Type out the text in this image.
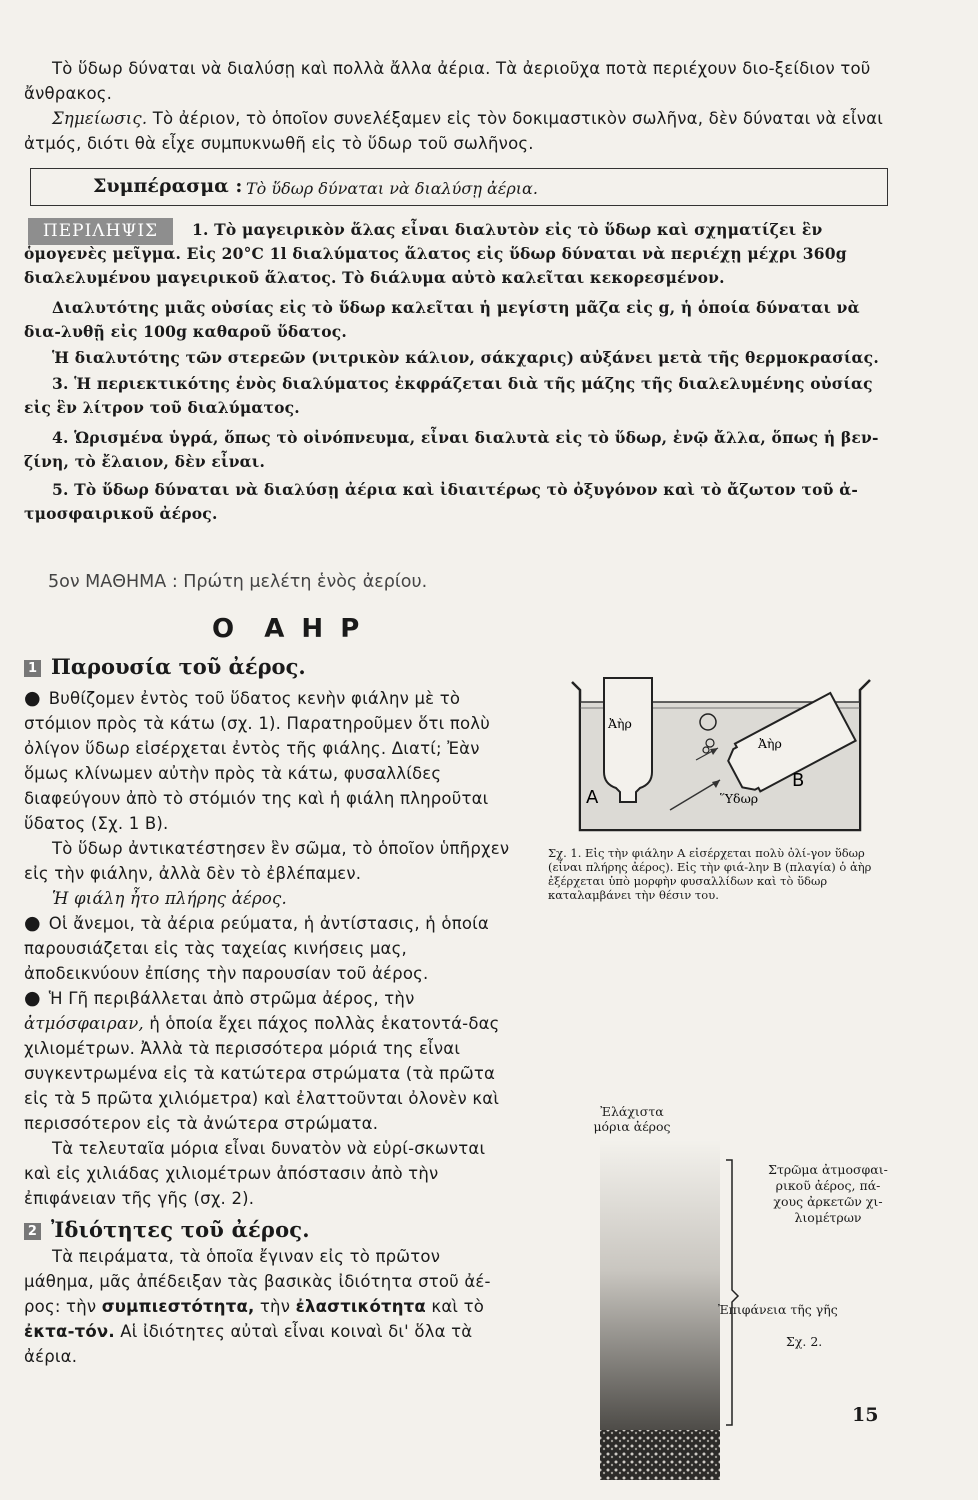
Τὸ ὕδωρ δύναται νὰ διαλύσῃ καὶ πολλὰ ἄλλα ἀέρια. Τὰ ἀεριοῦχα ποτὰ περιέχουν διο-ξείδιον τοῦ ἄνθρακος.
Σημείωσις. Τὸ ἀέριον, τὸ ὁποῖον συνελέξαμεν εἰς τὸν δοκιμαστικὸν σωλῆνα, δὲν δύναται νὰ εἶναι ἀτμός, διότι θὰ εἶχε συμπυκνωθῆ εἰς τὸ ὕδωρ τοῦ σωλῆνος.
Συμπέρασμα : Τὸ ὕδωρ δύναται νὰ διαλύσῃ ἀέρια.
ΠΕΡΙΛΗΨΙΣ	1. Τὸ μαγειρικὸν ἅλας εἶναι διαλυτὸν εἰς τὸ ὕδωρ καὶ σχηματίζει ἓν ὁμογενὲς μεῖγμα. Εἰς 20°C 1l διαλύματος ἅλατος εἰς ὕδωρ δύναται νὰ περιέχῃ μέχρι 360g διαλελυμένου μαγειρικοῦ ἅλατος. Τὸ διάλυμα αὐτὸ καλεῖται κεκορεσμένον.
Διαλυτότης μιᾶς οὐσίας εἰς τὸ ὕδωρ καλεῖται ἡ μεγίστη μᾶζα εἰς g, ἡ ὁποία δύναται νὰ δια-λυθῇ εἰς 100g καθαροῦ ὕδατος.
Ἡ διαλυτότης τῶν στερεῶν (νιτρικὸν κάλιον, σάκχαρις) αὐξάνει μετὰ τῆς θερμοκρασίας.
3. Ἡ περιεκτικότης ἑνὸς διαλύματος ἐκφράζεται διὰ τῆς μάζης τῆς διαλελυμένης οὐσίας εἰς ἓν λίτρον τοῦ διαλύματος.
4. Ὡρισμένα ὑγρά, ὅπως τὸ οἰνόπνευμα, εἶναι διαλυτὰ εἰς τὸ ὕδωρ, ἐνῷ ἄλλα, ὅπως ἡ βεν-ζίνη, τὸ ἔλαιον, δὲν εἶναι.
5. Τὸ ὕδωρ δύναται νὰ διαλύσῃ ἀέρια καὶ ἰδιαιτέρως τὸ ὀξυγόνον καὶ τὸ ἄζωτον τοῦ ἀ-τμοσφαιρικοῦ ἀέρος.
5ον ΜΑΘΗΜΑ : Πρώτη μελέτη ἑνὸς ἀερίου.
Ο  Α Η Ρ
1 Παρουσία τοῦ ἀέρος.
● Βυθίζομεν ἐντὸς τοῦ ὕδατος κενὴν φιάλην μὲ τὸ στόμιον πρὸς τὰ κάτω (σχ. 1). Παρατηροῦμεν ὅτι πολὺ ὀλίγον ὕδωρ εἰσέρχεται ἐντὸς τῆς φιάλης. Διατί; Ἐὰν ὅμως κλίνωμεν αὐτὴν πρὸς τὰ κάτω, φυσαλλίδες διαφεύγουν ἀπὸ τὸ στόμιόν της καὶ ἡ φιάλη πληροῦται ὕδατος (Σχ. 1 Β).
Τὸ ὕδωρ ἀντικατέστησεν ἓν σῶμα, τὸ ὁποῖον ὑπῆρχεν εἰς τὴν φιάλην, ἀλλὰ δὲν τὸ ἐβλέπαμεν.
Ἡ φιάλη ἦτο πλήρης ἀέρος.
● Οἱ ἄνεμοι, τὰ ἀέρια ρεύματα, ἡ ἀντίστασις, ἡ ὁποία παρουσιάζεται εἰς τὰς ταχείας κινήσεις μας, ἀποδεικνύουν ἐπίσης τὴν παρουσίαν τοῦ ἀέρος.
● Ἡ Γῆ περιβάλλεται ἀπὸ στρῶμα ἀέρος, τὴν ἀτμόσφαιραν, ἡ ὁποία ἔχει πάχος πολλὰς ἑκατοντά-δας χιλιομέτρων. Ἀλλὰ τὰ περισσότερα μόριά της εἶναι συγκεντρωμένα εἰς τὰ κατώτερα στρώματα (τὰ πρῶτα εἰς τὰ 5 πρῶτα χιλιόμετρα) καὶ ἐλαττοῦνται ὀλονὲν καὶ περισσότερον εἰς τὰ ἀνώτερα στρώματα.
Τὰ τελευταῖα μόρια εἶναι δυνατὸν νὰ εὑρί-σκωνται καὶ εἰς χιλιάδας χιλιομέτρων ἀπόστασιν ἀπὸ τὴν ἐπιφάνειαν τῆς γῆς (σχ. 2).
2 Ἰδιότητες τοῦ ἀέρος.
Τὰ πειράματα, τὰ ὁποῖα ἔγιναν εἰς τὸ πρῶτον μάθημα, μᾶς ἀπέδειξαν τὰς βασικὰς ἰδιότητα στοῦ ἀέ-ρος: τὴν συμπιεστότητα, τὴν ἐλαστικότητα καὶ τὸ ἐκτα-τόν. Αἱ ἰδιότητες αὐταὶ εἶναι κοιναὶ δι' ὅλα τὰ ἀέρια.
Ἀὴρ
Ἀὴρ
Ὕδωρ
Α
Β
Σχ. 1. Εἰς τὴν φιάλην Α εἰσέρχεται πολὺ ὀλί-γον ὕδωρ (εἶναι πλήρης ἀέρος). Εἰς τὴν φιά-λην Β (πλαγία) ὁ ἀὴρ ἐξέρχεται ὑπὸ μορφὴν φυσαλλίδων καὶ τὸ ὕδωρ καταλαμβάνει τὴν θέσιν του.
Ἐλάχιστα μόρια ἀέρος
Στρῶμα ἀτμοσφαι-ρικοῦ ἀέρος, πά-χους ἀρκετῶν χι-λιομέτρων
Ἐπιφάνεια τῆς γῆς
Σχ. 2.
15
